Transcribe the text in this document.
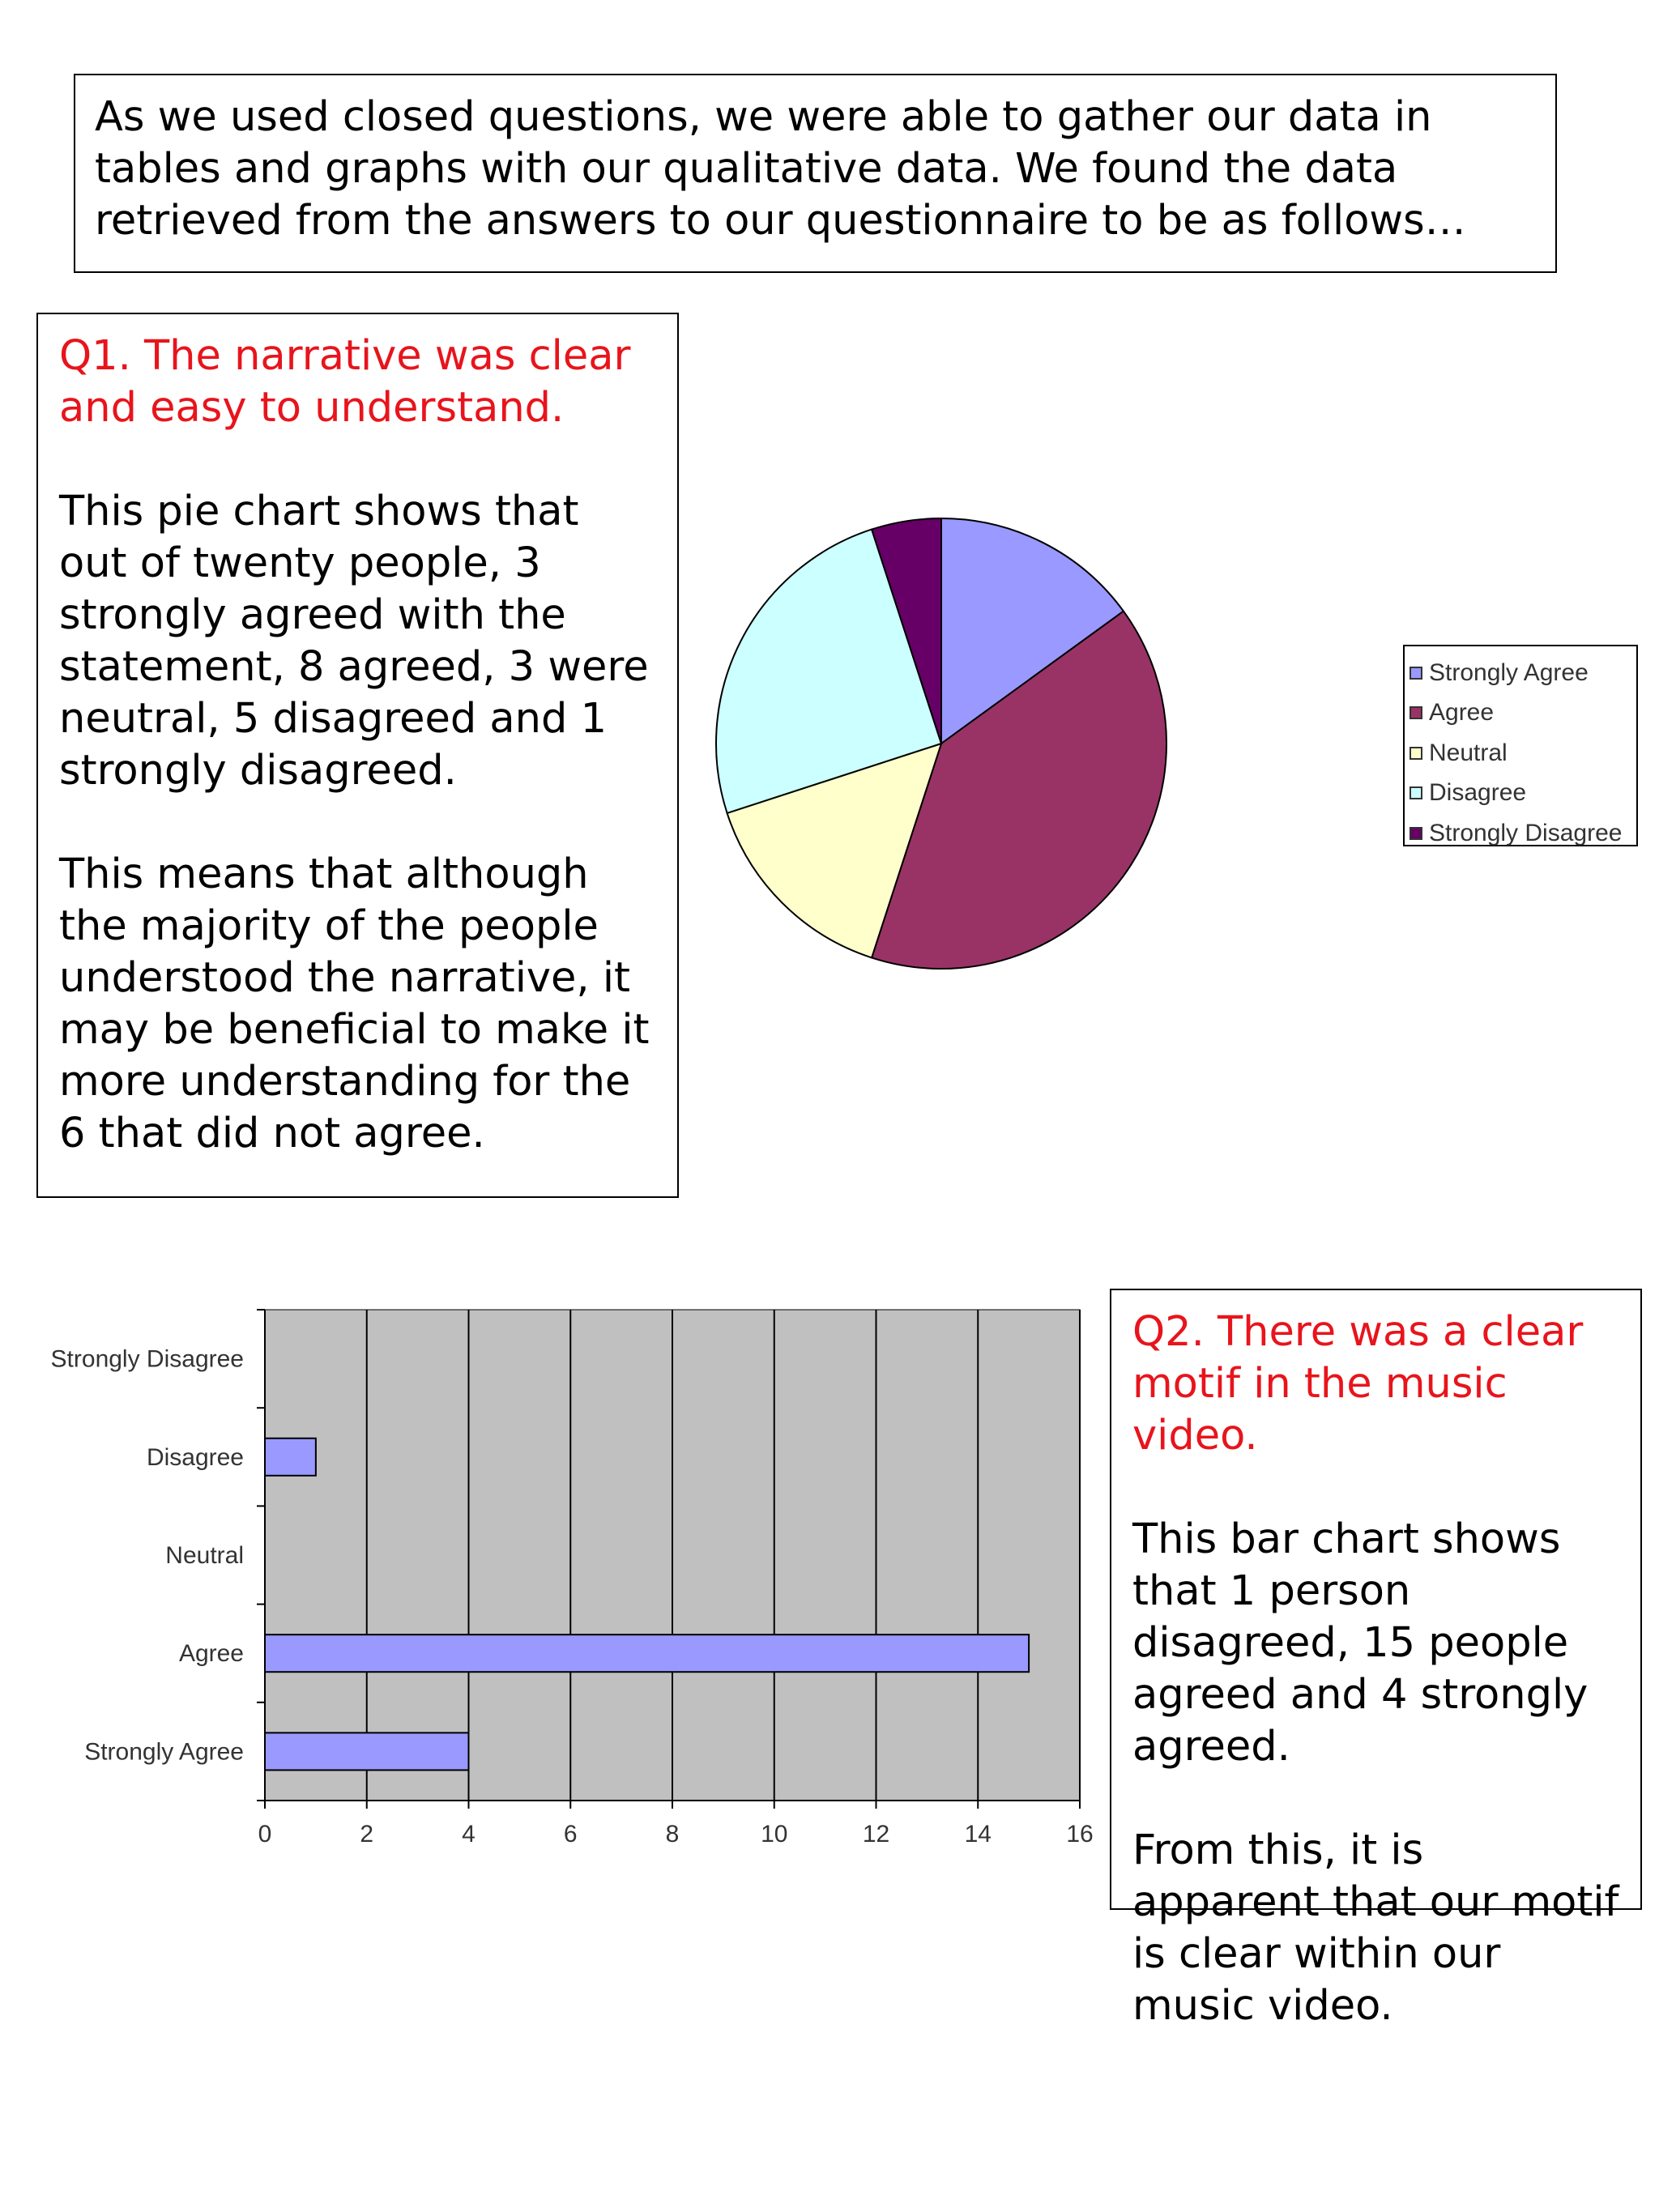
As we used closed questions, we were able to gather our data in tables and graphs with our qualitative data. We found the data retrieved from the answers to our questionnaire to be as follows…

Q1. The narrative was clear and easy to understand.

This pie chart shows that out of twenty people, 3 strongly agreed with the statement, 8 agreed, 3 were neutral, 5 disagreed and 1 strongly disagreed.

This means that although the majority of the people understood the narrative, it may be beneficial to make it more understanding for the 6 that did not agree.

Strongly Agree
Agree
Neutral
Disagree
Strongly Disagree
0	2	4	6	8	10	12	14	16
Strongly Disagree
Disagree
Neutral
Agree
Strongly Agree

Q2. There was a clear motif in the music video.

This bar chart shows that 1 person disagreed, 15 people agreed and 4 strongly agreed.

From this, it is apparent that our motif is clear within our music video.
